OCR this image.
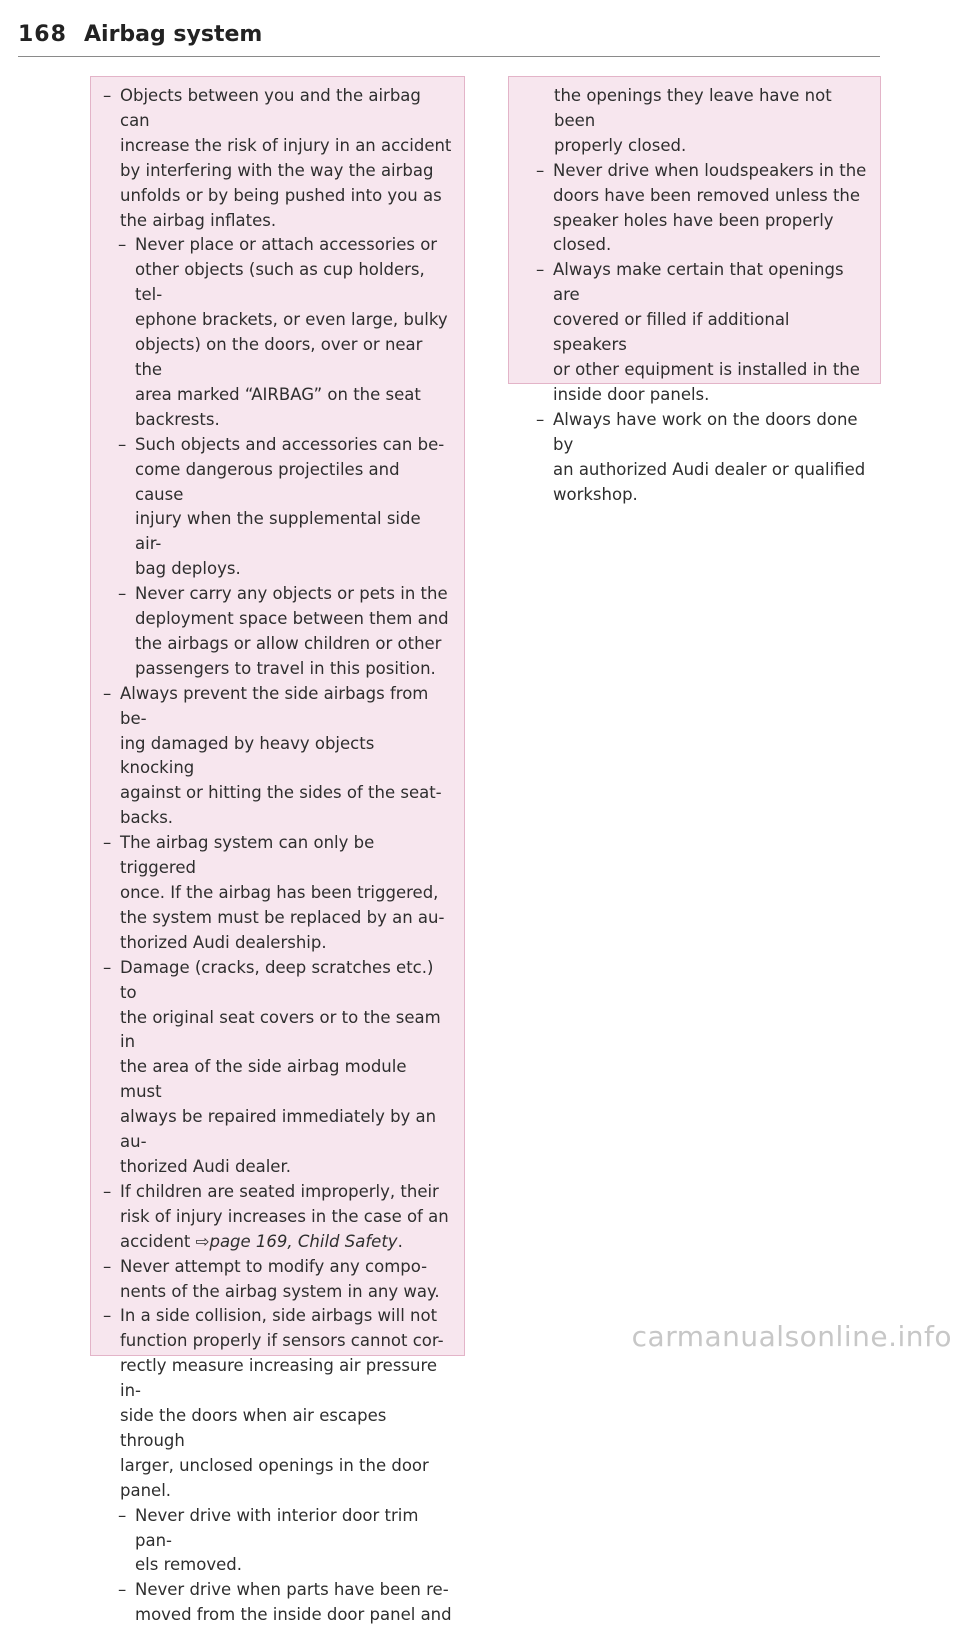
168 Airbag system
– Objects between you and the airbag can
increase the risk of injury in an accident
by interfering with the way the airbag
unfolds or by being pushed into you as
the airbag inflates.
– Never place or attach accessories or
other objects (such as cup holders, tel-
ephone brackets, or even large, bulky
objects) on the doors, over or near the
area marked “AIRBAG” on the seat
backrests.
– Such objects and accessories can be-
come dangerous projectiles and cause
injury when the supplemental side air-
bag deploys.
– Never carry any objects or pets in the
deployment space between them and
the airbags or allow children or other
passengers to travel in this position.
– Always prevent the side airbags from be-
ing damaged by heavy objects knocking
against or hitting the sides of the seat-
backs.
– The airbag system can only be triggered
once. If the airbag has been triggered,
the system must be replaced by an au-
thorized Audi dealership.
– Damage (cracks, deep scratches etc.) to
the original seat covers or to the seam in
the area of the side airbag module must
always be repaired immediately by an au-
thorized Audi dealer.
– If children are seated improperly, their
risk of injury increases in the case of an
accident ⇨page 169, Child Safety.
– Never attempt to modify any compo-
nents of the airbag system in any way.
– In a side collision, side airbags will not
function properly if sensors cannot cor-
rectly measure increasing air pressure in-
side the doors when air escapes through
larger, unclosed openings in the door
panel.
– Never drive with interior door trim pan-
els removed.
– Never drive when parts have been re-
moved from the inside door panel and
the openings they leave have not been
properly closed.
– Never drive when loudspeakers in the
doors have been removed unless the
speaker holes have been properly
closed.
– Always make certain that openings are
covered or filled if additional speakers
or other equipment is installed in the
inside door panels.
– Always have work on the doors done by
an authorized Audi dealer or qualified
workshop.
carmanualsonline.info
